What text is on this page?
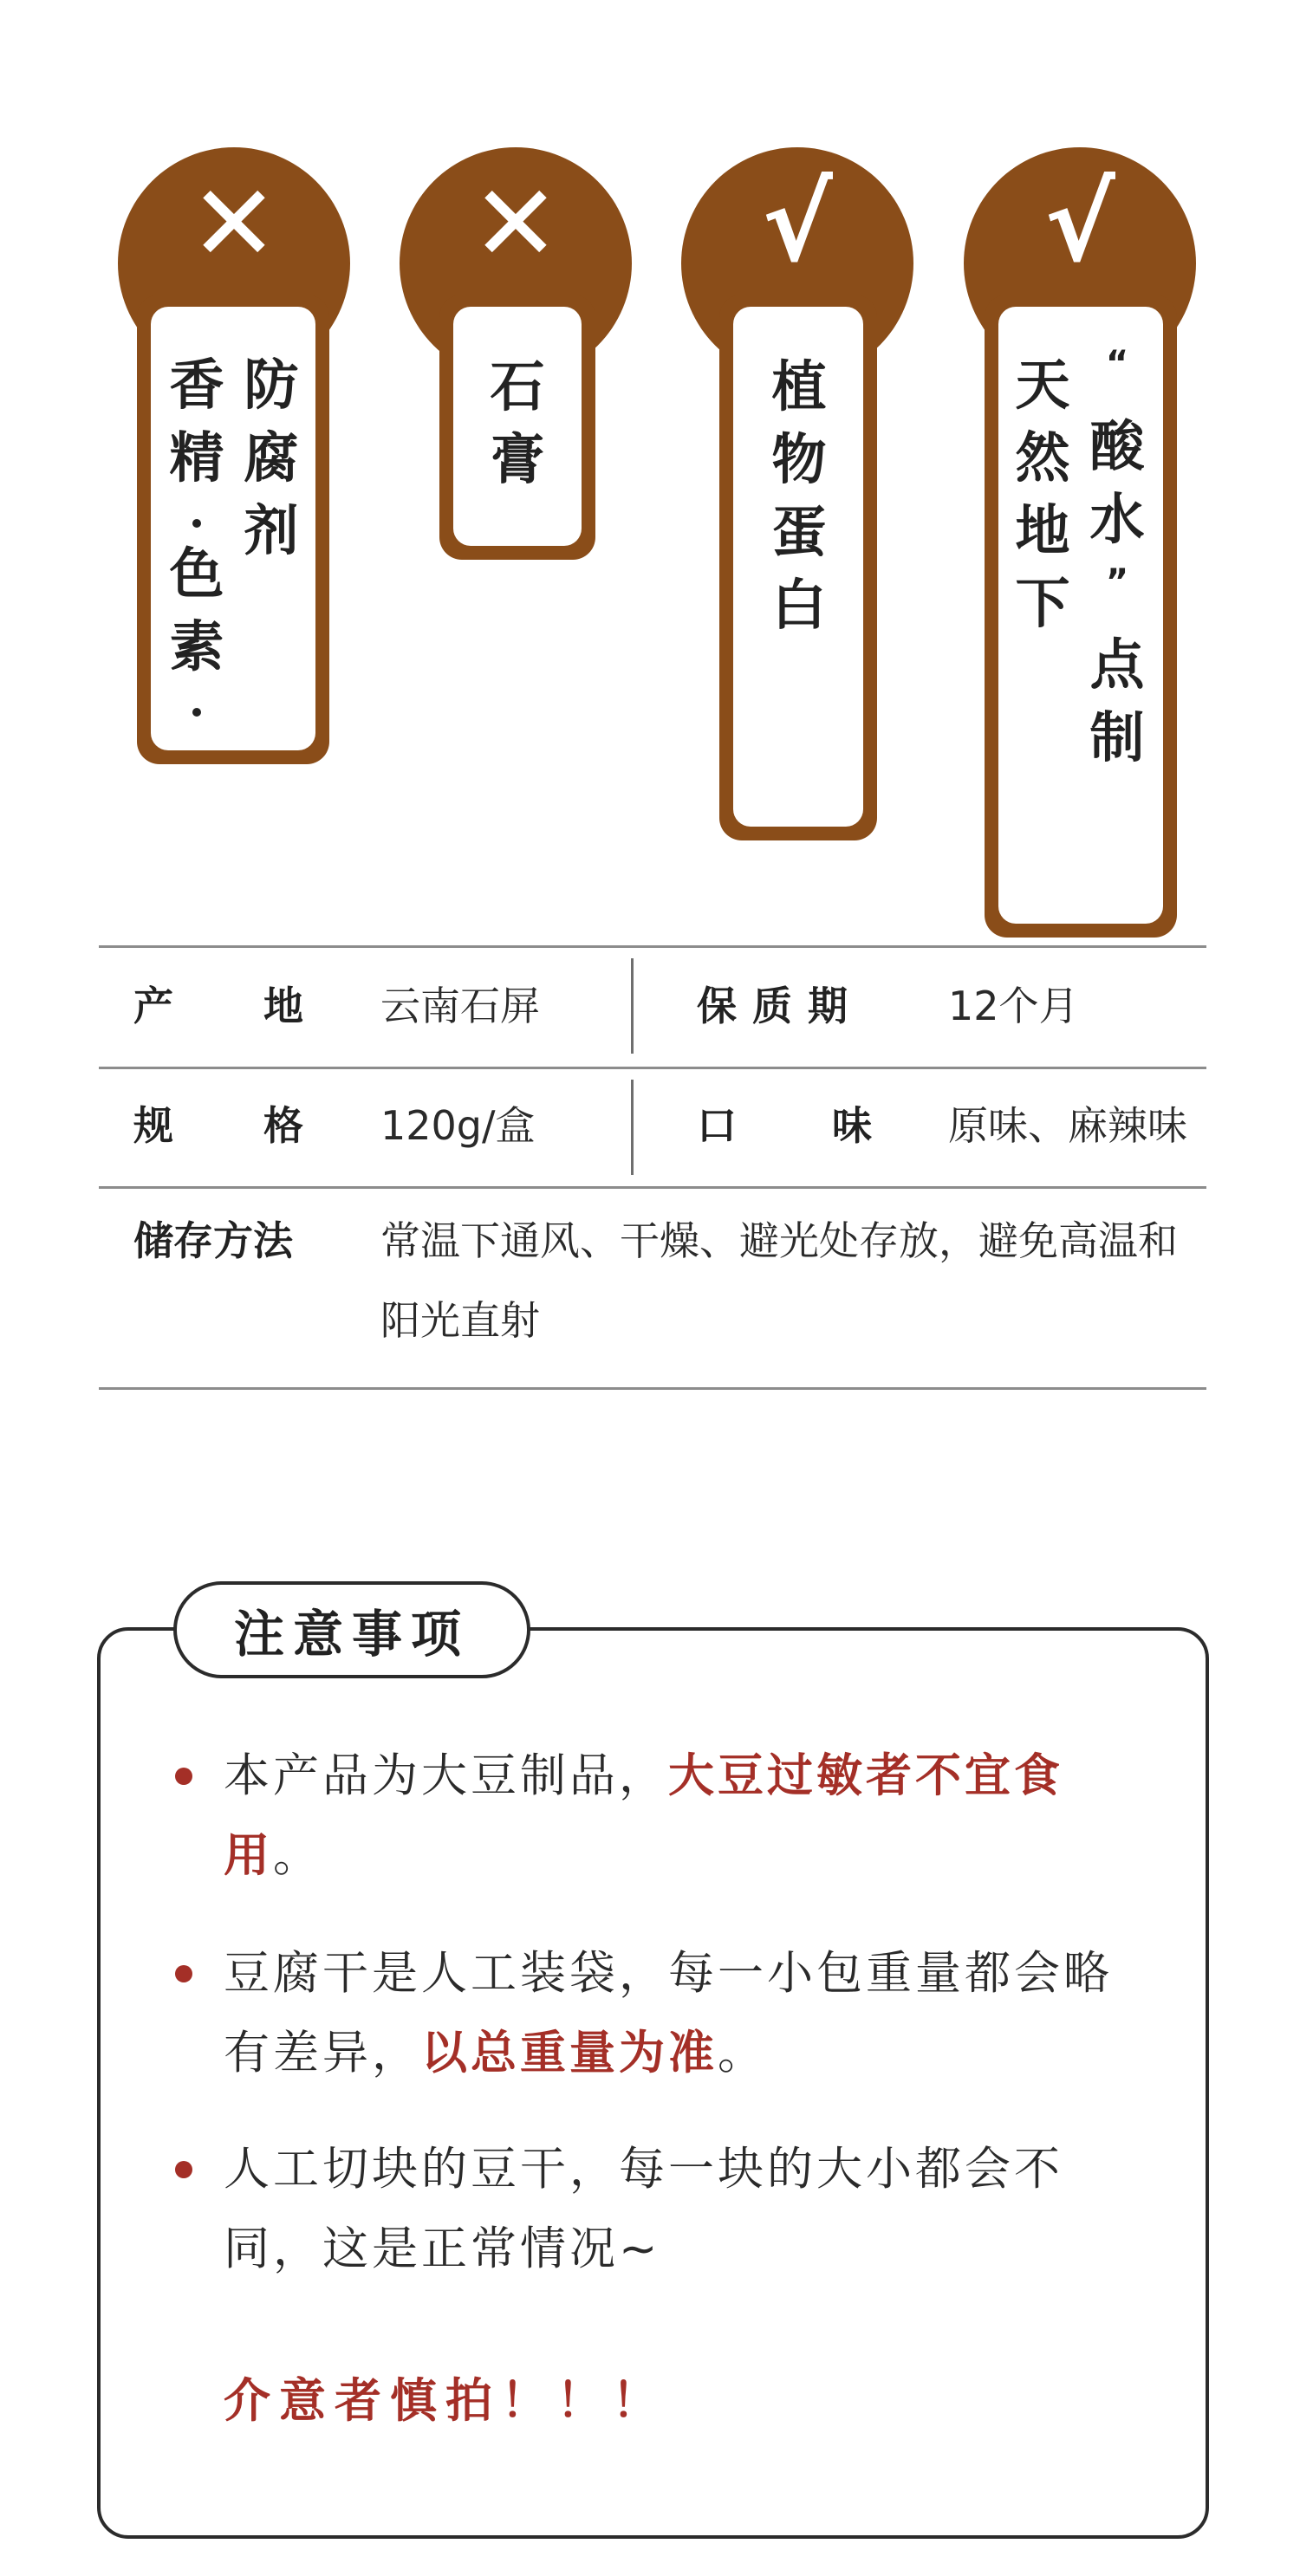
✕
防
腐
剂
香
精
色
素
✕
石
膏
√
植
物
蛋
白
√
“
酸
水
”
点
制
天
然
地
下
产地
云南石屏	保质期 12个月
规格
120g/盒	口味
原味、麻辣味
储存方法 常温下通风、干燥、避光处存放，避免高温和阳光直射
注意事项
本产品为大豆制品，大豆过敏者不宜食用。
豆腐干是人工装袋，每一小包重量都会略有差异，以总重量为准。
人工切块的豆干，每一块的大小都会不同，这是正常情况~
介意者慎拍！！！
